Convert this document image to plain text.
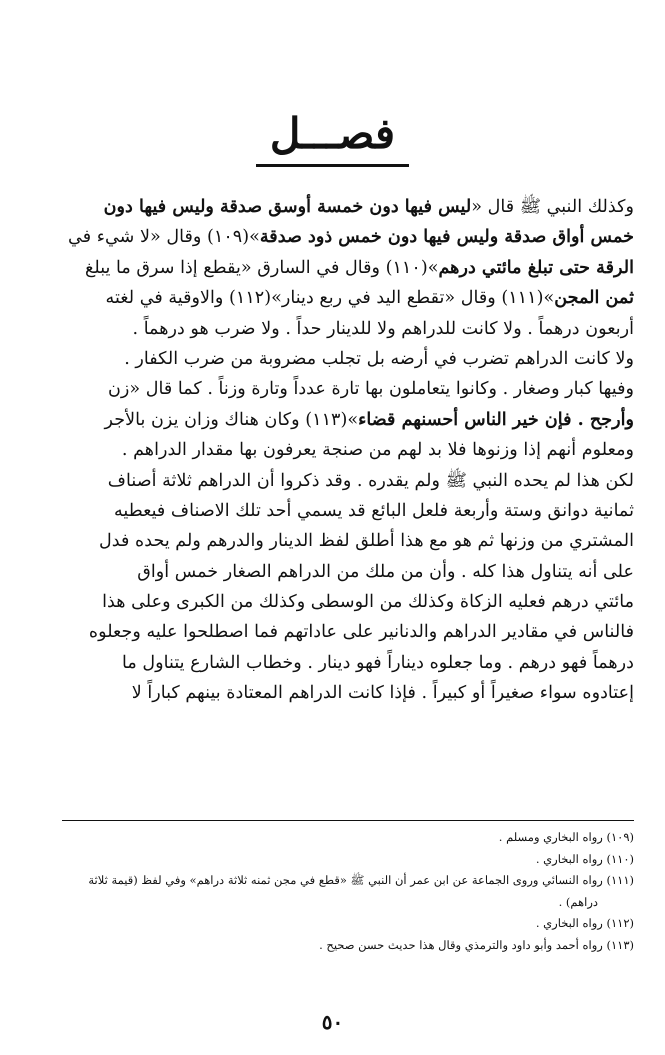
فصـــل
وكذلك النبي ﷺ قال «ليس فيها دون خمسة أوسق صدقة وليس فيها دون
خمس أواق صدقة وليس فيها دون خمس ذود صدقة»(١٠٩) وقال «لا شيء في
الرقة حتى تبلغ مائتي درهم»(١١٠) وقال في السارق «يقطع إذا سرق ما يبلغ
ثمن المجن»(١١١) وقال «تقطع اليد في ربع دينار»(١١٢) والاوقية في لغته
أربعون درهماً . ولا كانت للدراهم ولا للدينار حداً . ولا ضرب هو درهماً .
ولا كانت الدراهم تضرب في أرضه بل تجلب مضروبة من ضرب الكفار .
وفيها كبار وصغار . وكانوا يتعاملون بها تارة عدداً وتارة وزناً . كما قال «زن
وأرجح . فإن خير الناس أحسنهم قضاء»(١١٣) وكان هناك وزان يزن بالأجر
ومعلوم أنهم إذا وزنوها فلا بد لهم من صنجة يعرفون بها مقدار الدراهم .
لكن هذا لم يحده النبي ﷺ ولم يقدره . وقد ذكروا أن الدراهم ثلاثة أصناف
ثمانية دوانق وستة وأربعة فلعل البائع قد يسمي أحد تلك الاصناف فيعطيه
المشتري من وزنها ثم هو مع هذا أطلق لفظ الدينار والدرهم ولم يحده فدل
على أنه يتناول هذا كله . وأن من ملك من الدراهم الصغار خمس أواق
مائتي درهم فعليه الزكاة وكذلك من الوسطى وكذلك من الكبرى وعلى هذا
فالناس في مقادير الدراهم والدنانير على عاداتهم فما اصطلحوا عليه وجعلوه
درهماً فهو درهم . وما جعلوه ديناراً فهو دينار . وخطاب الشارع يتناول ما
إعتادوه سواء صغيراً أو كبيراً . فإذا كانت الدراهم المعتادة بينهم كباراً لا
(١٠٩) رواه البخاري ومسلم .
(١١٠) رواه البخاري .
(١١١) رواه النسائي وروى الجماعة عن ابن عمر أن النبي ﷺ «قطع في مجن ثمنه ثلاثة دراهم» وفي لفظ (قيمة ثلاثة
دراهم) .
(١١٢) رواه البخاري .
(١١٣) رواه أحمد وأبو داود والترمذي وقال هذا حديث حسن صحيح .
٥٠
